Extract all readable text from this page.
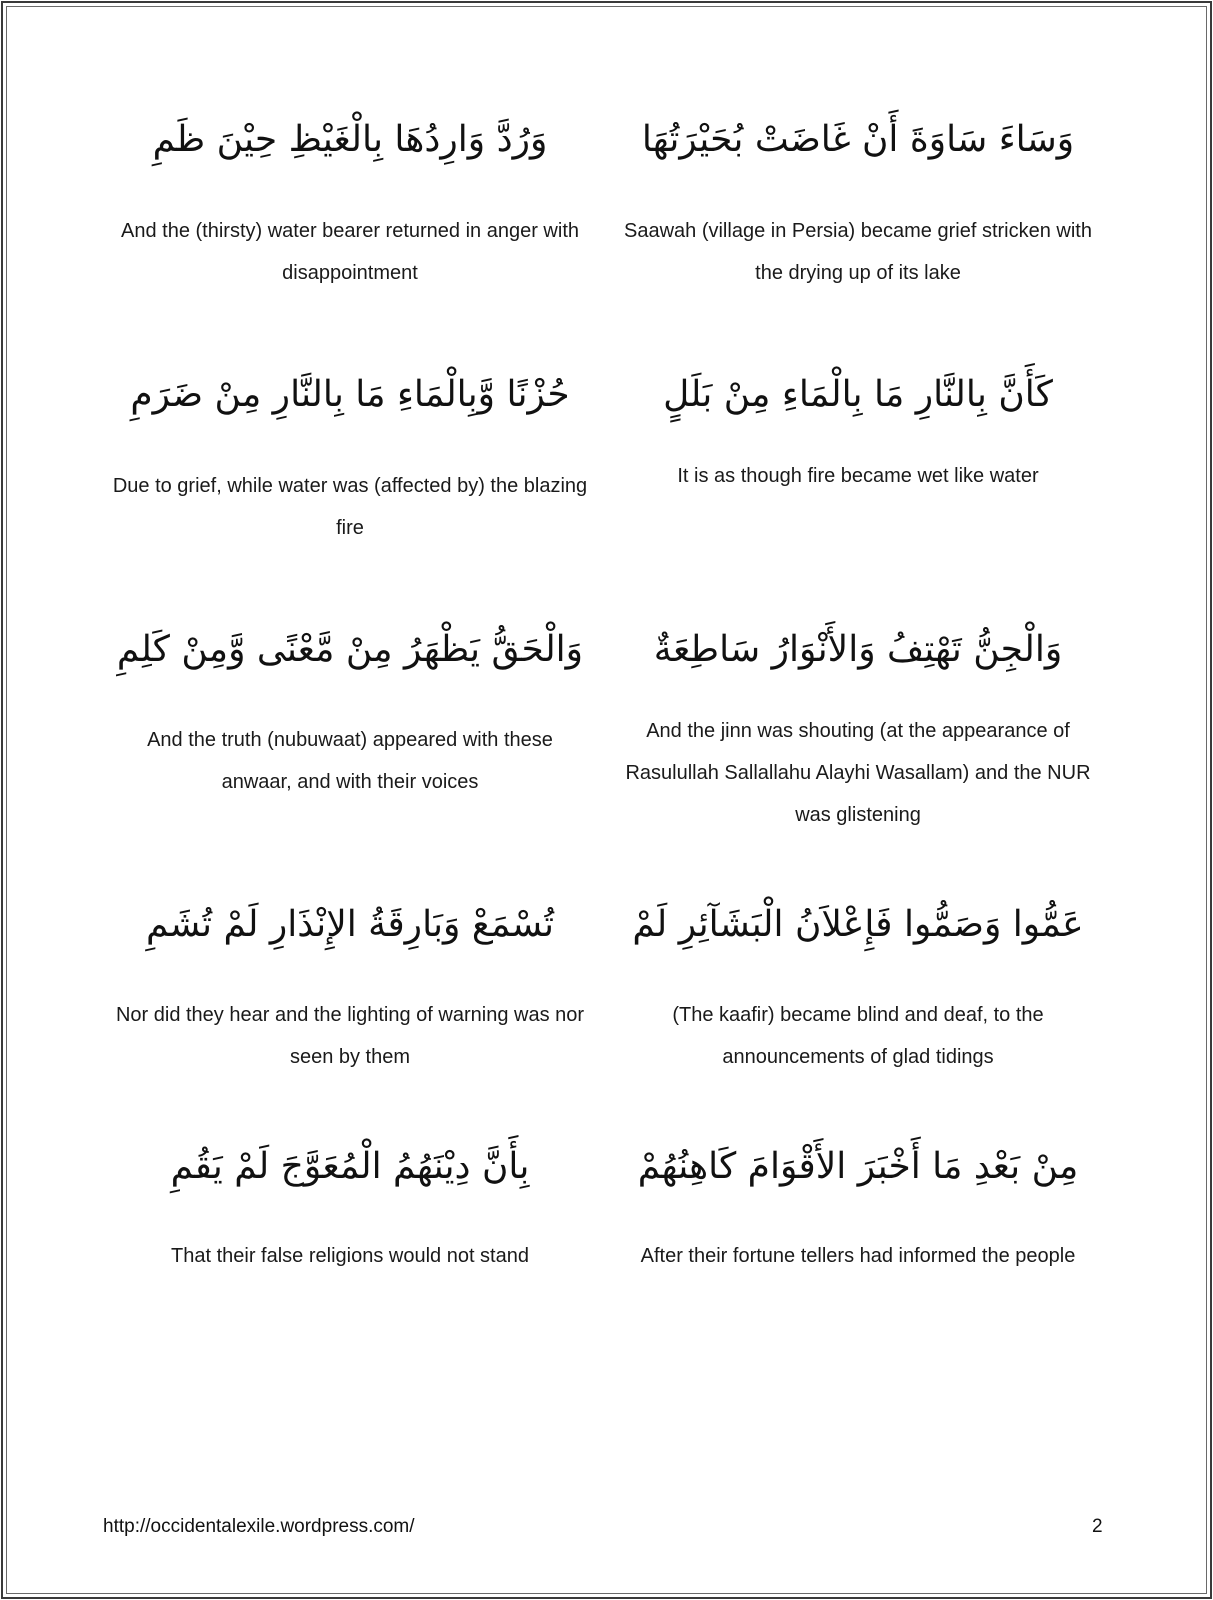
وَسَاءَ سَاوَةَ أَنْ غَاضَتْ بُحَيْرَتُهَا
Saawah (village in Persia) became grief stricken with the drying up of its lake
وَرُدَّ وَارِدُهَا بِالْغَيْظِ حِيْنَ ظَمِ
And the (thirsty) water bearer returned in anger with disappointment
كَأَنَّ بِالنَّارِ مَا بِالْمَاءِ مِنْ بَلَلٍ
It is as though fire became wet like water
حُزْنًا وَّبِالْمَاءِ مَا بِالنَّارِ مِنْ ضَرَمِ
Due to grief, while water was (affected by) the blazing fire
وَالْجِنُّ تَهْتِفُ وَالأَنْوَارُ سَاطِعَةٌ
And the jinn was shouting (at the appearance of Rasulullah Sallallahu Alayhi Wasallam) and the NUR was glistening
وَالْحَقُّ يَظْهَرُ مِنْ مَّعْنًى وَّمِنْ كَلِمِ
And the truth (nubuwaat) appeared with these anwaar, and with their voices
عَمُّوا وَصَمُّوا فَإِعْلاَنُ الْبَشَآئِرِ لَمْ
(The kaafir) became blind and deaf, to the announcements of glad tidings
تُسْمَعْ وَبَارِقَةُ الإِنْذَارِ لَمْ تُشَمِ
Nor did they hear and the lighting of warning was nor seen by them
مِنْ بَعْدِ مَا أَخْبَرَ الأَقْوَامَ كَاهِنُهُمْ
After their fortune tellers had informed the people
بِأَنَّ دِيْنَهُمُ الْمُعَوَّجَ لَمْ يَقُمِ
That their false religions would not stand
http://occidentalexile.wordpress.com/	2
